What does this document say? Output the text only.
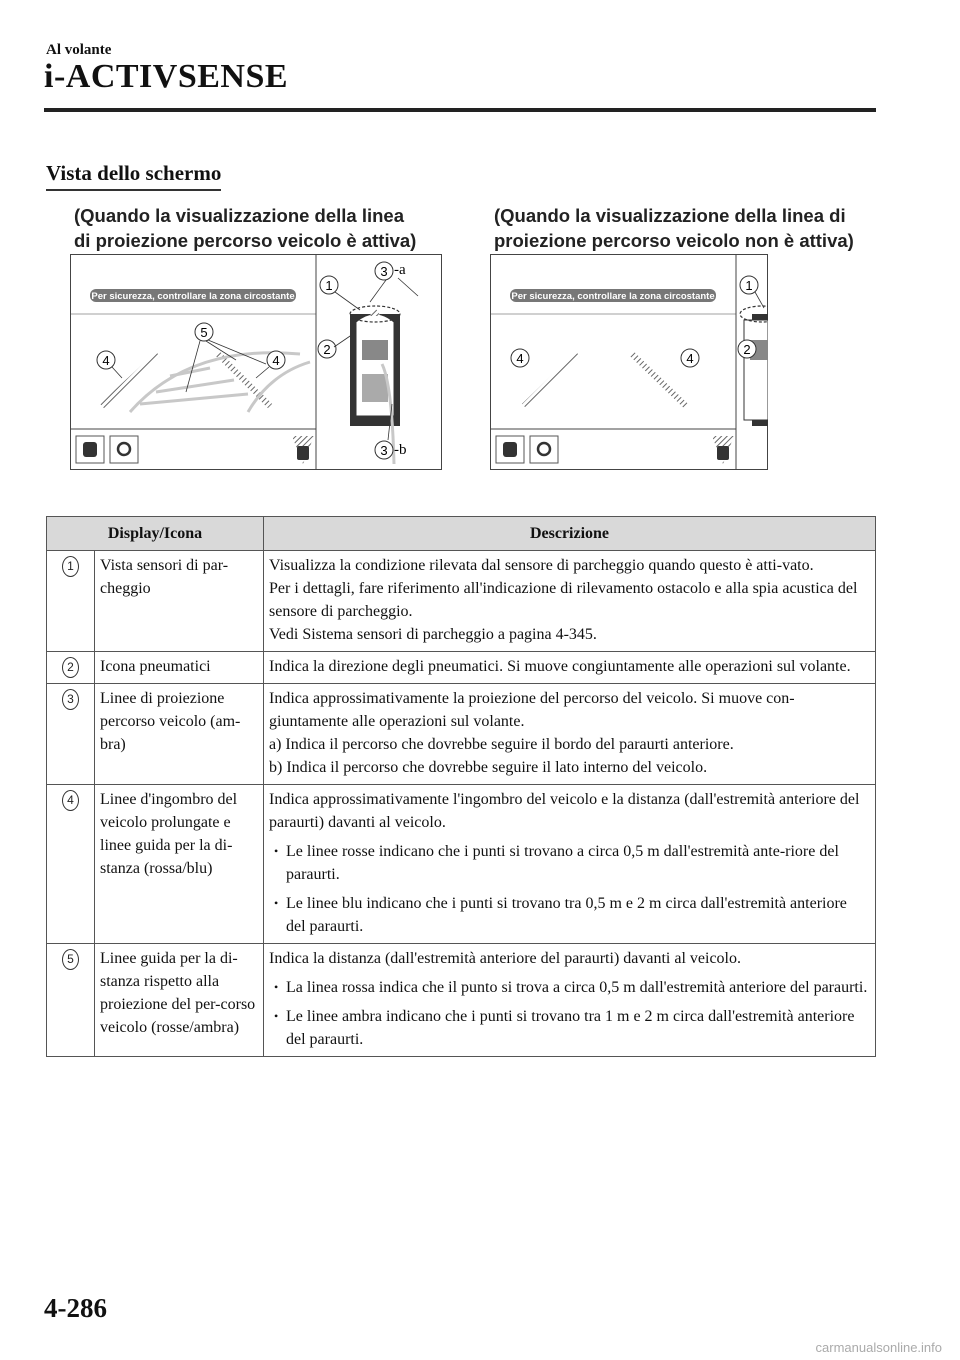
Al volante
i-ACTIVSENSE
Vista dello schermo
(Quando la visualizzazione della linea
di proiezione percorso veicolo è attiva)
(Quando la visualizzazione della linea di
proiezione percorso veicolo non è attiva)
Per sicurezza, controllare la zona circostante
4	4
5
1
2
3 -a
3 -b
Per sicurezza, controllare la zona circostante
4	4
1
2
Display/Icona		Descrizione
1	Vista sensori di par-cheggio	Visualizza la condizione rilevata dal sensore di parcheggio quando questo è atti-vato.
Per i dettagli, fare riferimento all'indicazione di rilevamento ostacolo e alla spia acustica del sensore di parcheggio.
Vedi Sistema sensori di parcheggio a pagina 4-345.

2	Icona pneumatici	Indica la direzione degli pneumatici. Si muove congiuntamente alle operazioni sul volante.

3	Linee di proiezione percorso veicolo (am-bra)	Indica approssimativamente la proiezione del percorso del veicolo. Si muove con-giuntamente alle operazioni sul volante.
a) Indica il percorso che dovrebbe seguire il bordo del paraurti anteriore.
b) Indica il percorso che dovrebbe seguire il lato interno del veicolo.

4	Linee d'ingombro del veicolo prolungate e linee guida per la di-stanza (rossa/blu)	Indica approssimativamente l'ingombro del veicolo e la distanza (dall'estremità anteriore del paraurti) davanti al veicolo.
• Le linee rosse indicano che i punti si trovano a circa 0,5 m dall'estremità ante-riore del paraurti.
• Le linee blu indicano che i punti si trovano tra 0,5 m e 2 m circa dall'estremità anteriore del paraurti.

5	Linee guida per la di-stanza rispetto alla proiezione del per-corso veicolo (rosse/ambra)	Indica la distanza (dall'estremità anteriore del paraurti) davanti al veicolo.
• La linea rossa indica che il punto si trova a circa 0,5 m dall'estremità anteriore del paraurti.
• Le linee ambra indicano che i punti si trovano tra 1 m e 2 m circa dall'estremità anteriore del paraurti.
4-286
carmanualsonline.info
